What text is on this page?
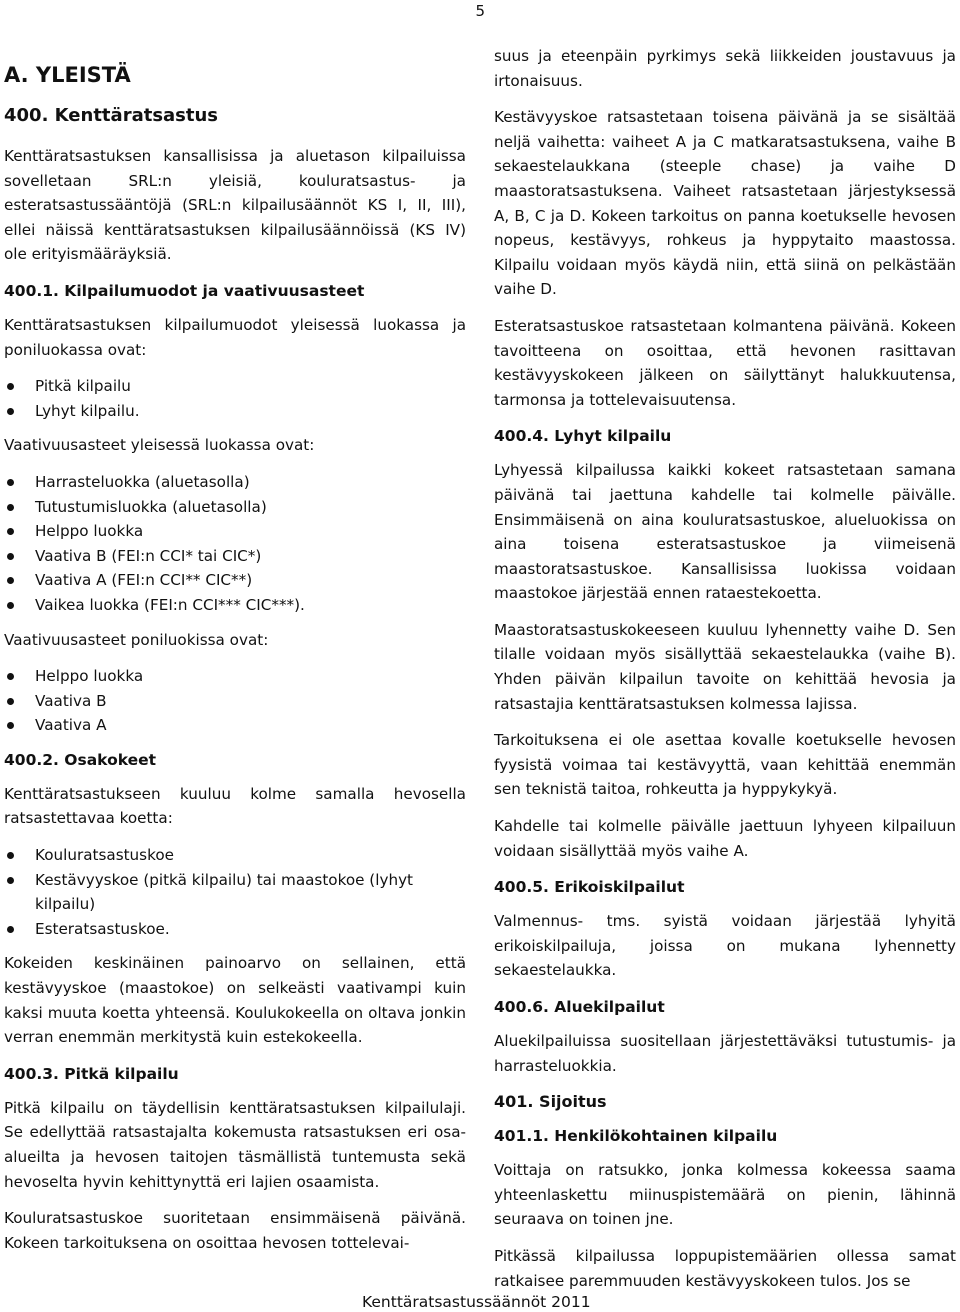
5
A. YLEISTÄ
400. Kenttäratsastus

Kenttäratsastuksen kansallisissa ja aluetason kilpailuissa sovelletaan SRL:n yleisiä, kouluratsastus- ja esteratsastussääntöjä (SRL:n kilpailusäännöt KS I, II, III), ellei näissä kenttäratsastuksen kilpailusäännöissä (KS IV) ole erityismääräyksiä.

400.1. Kilpailumuodot ja vaativuusasteet

Kenttäratsastuksen kilpailumuodot yleisessä luokassa ja poniluokassa ovat:

Pitkä kilpailu
Lyhyt kilpailu.

Vaativuusasteet yleisessä luokassa ovat:

Harrasteluokka (aluetasolla)
Tutustumisluokka (aluetasolla)
Helppo luokka
Vaativa B (FEI:n CCI* tai CIC*)
Vaativa A (FEI:n CCI** CIC**)
Vaikea luokka (FEI:n CCI*** CIC***).

Vaativuusasteet poniluokissa ovat:

Helppo luokka
Vaativa B
Vaativa A
400.2. Osakokeet

Kenttäratsastukseen kuuluu kolme samalla hevosella ratsastettavaa koetta:

Kouluratsastuskoe
Kestävyyskoe (pitkä kilpailu) tai maastokoe (lyhyt kilpailu)
Esteratsastuskoe.

Kokeiden keskinäinen painoarvo on sellainen, että kestävyyskoe (maastokoe) on selkeästi vaativampi kuin kaksi muuta koetta yhteensä. Koulukokeella on oltava jonkin verran enemmän merkitystä kuin estekokeella.

400.3. Pitkä kilpailu

Pitkä kilpailu on täydellisin kenttäratsastuksen kilpailulaji. Se edellyttää ratsastajalta kokemusta ratsastuksen eri osa-alueilta ja hevosen taitojen täsmällistä tuntemusta sekä hevoselta hyvin kehittynyttä eri lajien osaamista.

Kouluratsastuskoe suoritetaan ensimmäisenä päivänä. Kokeen tarkoituksena on osoittaa hevosen tottelevai-

suus ja eteenpäin pyrkimys sekä liikkeiden joustavuus ja irtonaisuus.

Kestävyyskoe ratsastetaan toisena päivänä ja se sisältää neljä vaihetta: vaiheet A ja C matkaratsastuksena, vaihe B sekaestelaukkana (steeple chase) ja vaihe D maastoratsastuksena. Vaiheet ratsastetaan järjestyksessä A, B, C ja D. Kokeen tarkoitus on panna koetukselle hevosen nopeus, kestävyys, rohkeus ja hyppytaito maastossa. Kilpailu voidaan myös käydä niin, että siinä on pelkästään vaihe D.

Esteratsastuskoe ratsastetaan kolmantena päivänä. Kokeen tavoitteena on osoittaa, että hevonen rasittavan kestävyyskokeen jälkeen on säilyttänyt halukkuutensa, tarmonsa ja tottelevaisuutensa.

400.4. Lyhyt kilpailu

Lyhyessä kilpailussa kaikki kokeet ratsastetaan samana päivänä tai jaettuna kahdelle tai kolmelle päivälle. Ensimmäisenä on aina kouluratsastuskoe, alueluokissa on aina toisena esteratsastuskoe ja viimeisenä maastoratsastuskoe. Kansallisissa luokissa voidaan maastokoe järjestää ennen rataestekoetta.

Maastoratsastuskokeeseen kuuluu lyhennetty vaihe D. Sen tilalle voidaan myös sisällyttää sekaestelaukka (vaihe B). Yhden päivän kilpailun tavoite on kehittää hevosia ja ratsastajia kenttäratsastuksen kolmessa lajissa.

Tarkoituksena ei ole asettaa kovalle koetukselle hevosen fyysistä voimaa tai kestävyyttä, vaan kehittää enemmän sen teknistä taitoa, rohkeutta ja hyppykykyä.

Kahdelle tai kolmelle päivälle jaettuun lyhyeen kilpailuun voidaan sisällyttää myös vaihe A.

400.5. Erikoiskilpailut

Valmennus- tms. syistä voidaan järjestää lyhyitä erikoiskilpailuja, joissa on mukana lyhennetty sekaestelaukka.

400.6. Aluekilpailut

Aluekilpailuissa suositellaan järjestettäväksi tutustumis- ja harrasteluokkia.

401. Sijoitus
401.1. Henkilökohtainen kilpailu

Voittaja on ratsukko, jonka kolmessa kokeessa saama yhteenlaskettu miinuspistemäärä on pienin, lähinnä seuraava on toinen jne.

Pitkässä kilpailussa loppupistemäärien ollessa samat ratkaisee paremmuuden kestävyyskokeen tulos. Jos se

Kenttäratsastussäännöt 2011
